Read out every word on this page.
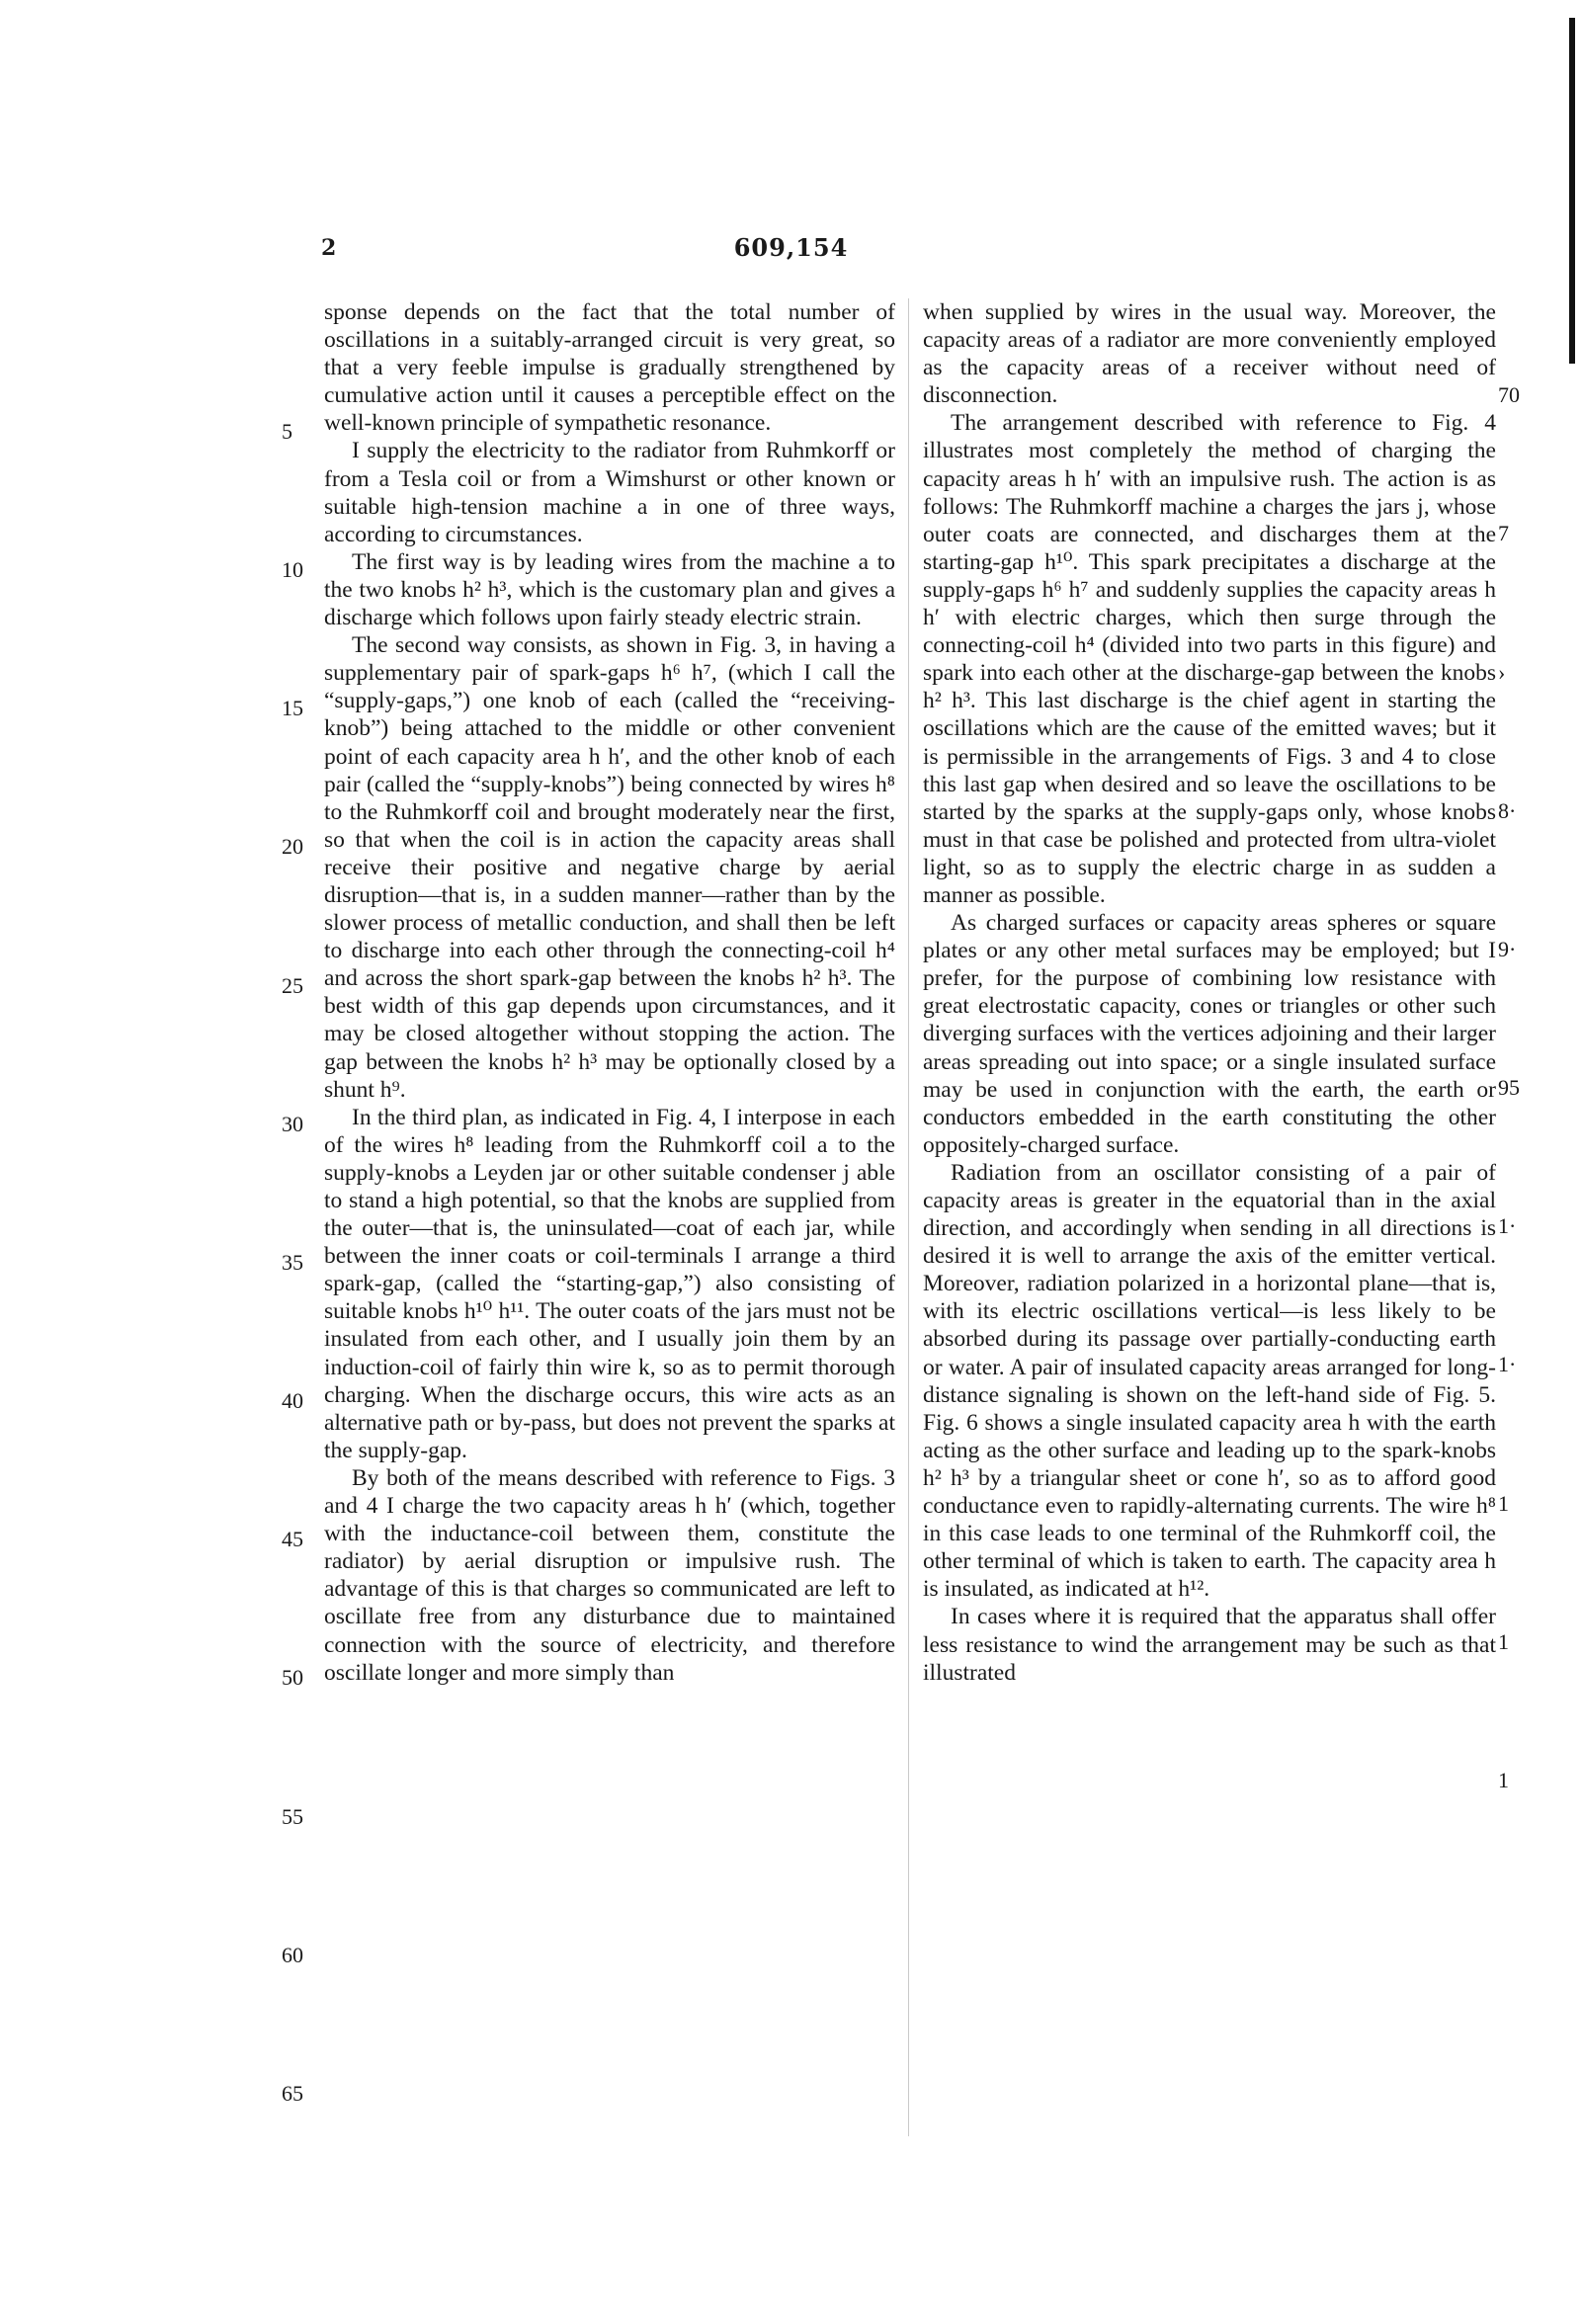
2	609,154

sponse depends on the fact that the total number of oscillations in a suitably-arranged circuit is very great, so that a very feeble impulse is gradually strengthened by cumulative action until it causes a perceptible effect on the well-known principle of sympathetic resonance.

I supply the electricity to the radiator from Ruhmkorff or from a Tesla coil or from a Wimshurst or other known or suitable high-tension machine a in one of three ways, according to circumstances.

The first way is by leading wires from the machine a to the two knobs h² h³, which is the customary plan and gives a discharge which follows upon fairly steady electric strain.

The second way consists, as shown in Fig. 3, in having a supplementary pair of spark-gaps h⁶ h⁷, (which I call the “supply-gaps,”) one knob of each (called the “receiving-knob”) being attached to the middle or other convenient point of each capacity area h h′, and the other knob of each pair (called the “supply-knobs”) being connected by wires h⁸ to the Ruhmkorff coil and brought moderately near the first, so that when the coil is in action the capacity areas shall receive their positive and negative charge by aerial disruption—that is, in a sudden manner—rather than by the slower process of metallic conduction, and shall then be left to discharge into each other through the connecting-coil h⁴ and across the short spark-gap between the knobs h² h³. The best width of this gap depends upon circumstances, and it may be closed altogether without stopping the action. The gap between the knobs h² h³ may be optionally closed by a shunt h⁹.

In the third plan, as indicated in Fig. 4, I interpose in each of the wires h⁸ leading from the Ruhmkorff coil a to the supply-knobs a Leyden jar or other suitable condenser j able to stand a high potential, so that the knobs are supplied from the outer—that is, the uninsulated—coat of each jar, while between the inner coats or coil-terminals I arrange a third spark-gap, (called the “starting-gap,”) also consisting of suitable knobs h¹⁰ h¹¹. The outer coats of the jars must not be insulated from each other, and I usually join them by an induction-coil of fairly thin wire k, so as to permit thorough charging. When the discharge occurs, this wire acts as an alternative path or by-pass, but does not prevent the sparks at the supply-gap.

By both of the means described with reference to Figs. 3 and 4 I charge the two capacity areas h h′ (which, together with the inductance-coil between them, constitute the radiator) by aerial disruption or impulsive rush. The advantage of this is that charges so communicated are left to oscillate free from any disturbance due to maintained connection with the source of electricity, and therefore oscillate longer and more simply than

when supplied by wires in the usual way. Moreover, the capacity areas of a radiator are more conveniently employed as the capacity areas of a receiver without need of disconnection.

The arrangement described with reference to Fig. 4 illustrates most completely the method of charging the capacity areas h h′ with an impulsive rush. The action is as follows: The Ruhmkorff machine a charges the jars j, whose outer coats are connected, and discharges them at the starting-gap h¹⁰. This spark precipitates a discharge at the supply-gaps h⁶ h⁷ and suddenly supplies the capacity areas h h′ with electric charges, which then surge through the connecting-coil h⁴ (divided into two parts in this figure) and spark into each other at the discharge-gap between the knobs h² h³. This last discharge is the chief agent in starting the oscillations which are the cause of the emitted waves; but it is permissible in the arrangements of Figs. 3 and 4 to close this last gap when desired and so leave the oscillations to be started by the sparks at the supply-gaps only, whose knobs must in that case be polished and protected from ultra-violet light, so as to supply the electric charge in as sudden a manner as possible.

As charged surfaces or capacity areas spheres or square plates or any other metal surfaces may be employed; but I prefer, for the purpose of combining low resistance with great electrostatic capacity, cones or triangles or other such diverging surfaces with the vertices adjoining and their larger areas spreading out into space; or a single insulated surface may be used in conjunction with the earth, the earth or conductors embedded in the earth constituting the other oppositely-charged surface.

Radiation from an oscillator consisting of a pair of capacity areas is greater in the equatorial than in the axial direction, and accordingly when sending in all directions is desired it is well to arrange the axis of the emitter vertical. Moreover, radiation polarized in a horizontal plane—that is, with its electric oscillations vertical—is less likely to be absorbed during its passage over partially-conducting earth or water. A pair of insulated capacity areas arranged for long-distance signaling is shown on the left-hand side of Fig. 5. Fig. 6 shows a single insulated capacity area h with the earth acting as the other surface and leading up to the spark-knobs h² h³ by a triangular sheet or cone h′, so as to afford good conductance even to rapidly-alternating currents. The wire h⁸ in this case leads to one terminal of the Ruhmkorff coil, the other terminal of which is taken to earth. The capacity area h is insulated, as indicated at h¹².

In cases where it is required that the apparatus shall offer less resistance to wind the arrangement may be such as that illustrated

5
10
15
20
25
30
35
40
45
50
55
60
65
70
7
›
8·
9·
95
1·
1·
1
1
1
